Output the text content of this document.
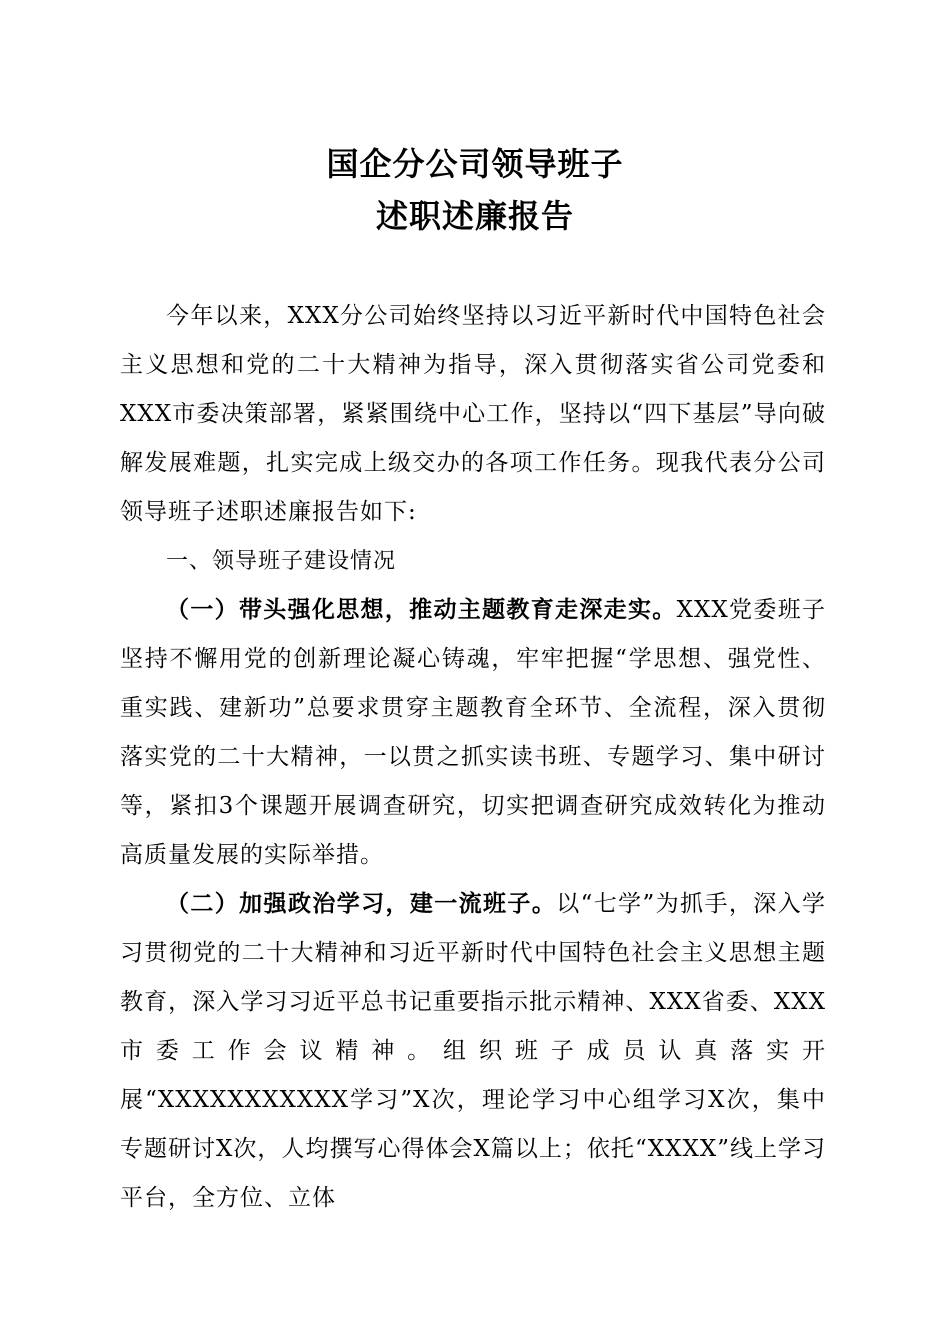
国企分公司领导班子
述职述廉报告

今年以来，XXX分公司始终坚持以习近平新时代中国特色社会主义思想和党的二十大精神为指导，深入贯彻落实省公司党委和XXX市委决策部署，紧紧围绕中心工作，坚持以“四下基层”导向破解发展难题，扎实完成上级交办的各项工作任务。现我代表分公司领导班子述职述廉报告如下:

一、领导班子建设情况

（一）带头强化思想，推动主题教育走深走实。XXX党委班子坚持不懈用党的创新理论凝心铸魂，牢牢把握“学思想、强党性、重实践、建新功”总要求贯穿主题教育全环节、全流程，深入贯彻落实党的二十大精神，一以贯之抓实读书班、专题学习、集中研讨等，紧扣3个课题开展调查研究，切实把调查研究成效转化为推动高质量发展的实际举措。

（二）加强政治学习，建一流班子。以“七学”为抓手，深入学习贯彻党的二十大精神和习近平新时代中国特色社会主义思想主题教育，深入学习习近平总书记重要指示批示精神、XXX省委、XXX市委工作会议精神。组织班子成员认真落实开展“XXXXXXXXXXX学习”X次，理论学习中心组学习X次，集中专题研讨X次，人均撰写心得体会X篇以上；依托“XXXX”线上学习平台，全方位、立体
